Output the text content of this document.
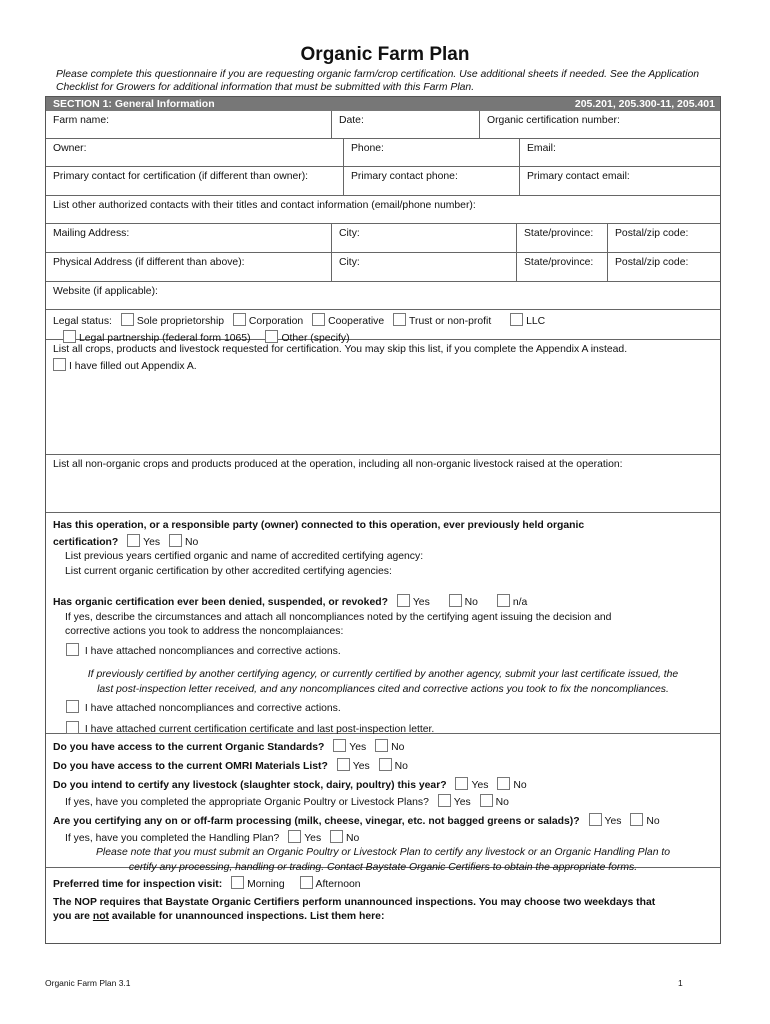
Organic Farm Plan
Please complete this questionnaire if you are requesting organic farm/crop certification. Use additional sheets if needed. See the Application Checklist for Growers for additional information that must be submitted with this Farm Plan.
SECTION 1: General Information	205.201, 205.300-11, 205.401
Farm name:	Date:	Organic certification number:
Owner:	Phone:	Email:
Primary contact for certification (if different than owner):	Primary contact phone:	Primary contact email:
List other authorized contacts with their titles and contact information (email/phone number):
Mailing Address:	City:	State/province:	Postal/zip code:
Physical Address (if different than above):	City:	State/province:	Postal/zip code:
Website (if applicable):
Legal status: Sole proprietorship Corporation Cooperative Trust or non-profit	LLC
Legal partnership (federal form 1065)	Other (specify)
List all crops, products and livestock requested for certification. You may skip this list, if you complete the Appendix A instead.
I have filled out Appendix A.
List all non-organic crops and products produced at the operation, including all non-organic livestock raised at the operation:
Has this operation, or a responsible party (owner) connected to this operation, ever previously held organic
certification? Yes No
List previous years certified organic and name of accredited certifying agency:
List current organic certification by other accredited certifying agencies:
Has organic certification ever been denied, suspended, or revoked? Yes	No	n/a
If yes, describe the circumstances and attach all noncompliances noted by the certifying agent issuing the decision and
corrective actions you took to address the noncomplaiances:
I have attached noncompliances and corrective actions.
If previously certified by another certifying agency, or currently certified by another agency, submit your last certificate issued, the
last post-inspection letter received, and any noncompliances cited and corrective actions you took to fix the noncompliances.
I have attached noncompliances and corrective actions.
I have attached current certification certificate and last post-inspection letter.
Do you have access to the current Organic Standards? Yes No
Do you have access to the current OMRI Materials List? Yes No
Do you intend to certify any livestock (slaughter stock, dairy, poultry) this year? Yes No
If yes, have you completed the appropriate Organic Poultry or Livestock Plans? Yes No
Are you certifying any on or off-farm processing (milk, cheese, vinegar, etc. not bagged greens or salads)? Yes No
If yes, have you completed the Handling Plan? Yes No
Please note that you must submit an Organic Poultry or Livestock Plan to certify any livestock or an Organic Handling Plan to
certify any processing, handling or trading. Contact Baystate Organic Certifiers to obtain the appropriate forms.
Preferred time for inspection visit: Morning	Afternoon
The NOP requires that Baystate Organic Certifiers perform unannounced inspections. You may choose two weekdays that
you are not available for unannounced inspections. List them here:
Organic Farm Plan 3.1	1
